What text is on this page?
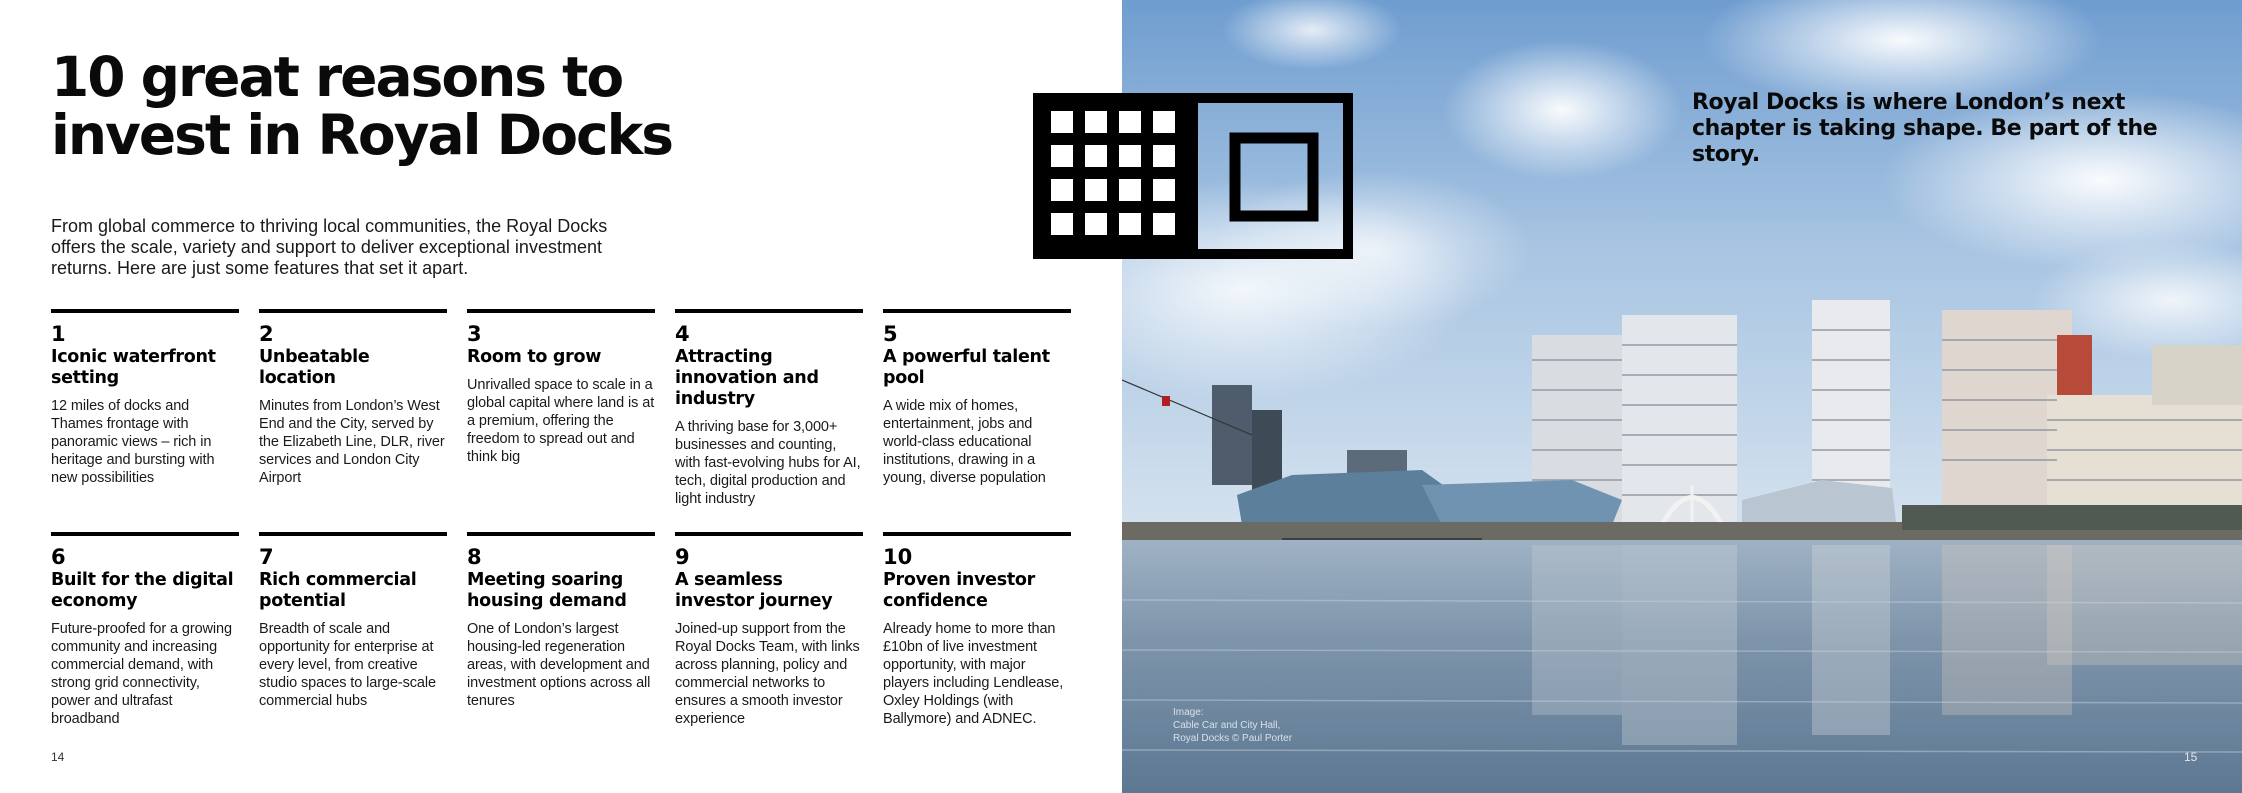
10 great reasons to invest in Royal Docks

From global commerce to thriving local communities, the Royal Docks offers the scale, variety and support to deliver exceptional investment returns. Here are just some features that set it apart.

1
Iconic waterfront setting
12 miles of docks and Thames frontage with panoramic views – rich in heritage and bursting with new possibilities
2
Unbeatable location
Minutes from London’s West End and the City, served by the Elizabeth Line, DLR, river services and London City Airport
3
Room to grow
Unrivalled space to scale in a global capital where land is at a premium, offering the freedom to spread out and think big
4
Attracting innovation and industry
A thriving base for 3,000+ businesses and counting, with fast-evolving hubs for AI, tech, digital production and light industry
5
A powerful talent pool
A wide mix of homes, entertainment, jobs and world-class educational institutions, drawing in a young, diverse population
6
Built for the digital economy
Future-proofed for a growing community and increasing commercial demand, with strong grid connectivity, power and ultrafast broadband
7
Rich commercial potential
Breadth of scale and opportunity for enterprise at every level, from creative studio spaces to large-scale commercial hubs
8
Meeting soaring housing demand
One of London’s largest housing-led regeneration areas, with development and investment options across all tenures
9
A seamless investor journey
Joined-up support from the Royal Docks Team, with links across planning, policy and commercial networks to ensures a smooth investor experience
10
Proven investor confidence
Already home to more than £10bn of live investment opportunity, with major players including Lendlease, Oxley Holdings (with Ballymore) and ADNEC.
14
Royal Docks is where London’s next chapter is taking shape. Be part of the story.
Image:
Cable Car and City Hall,
Royal Docks © Paul Porter
15
